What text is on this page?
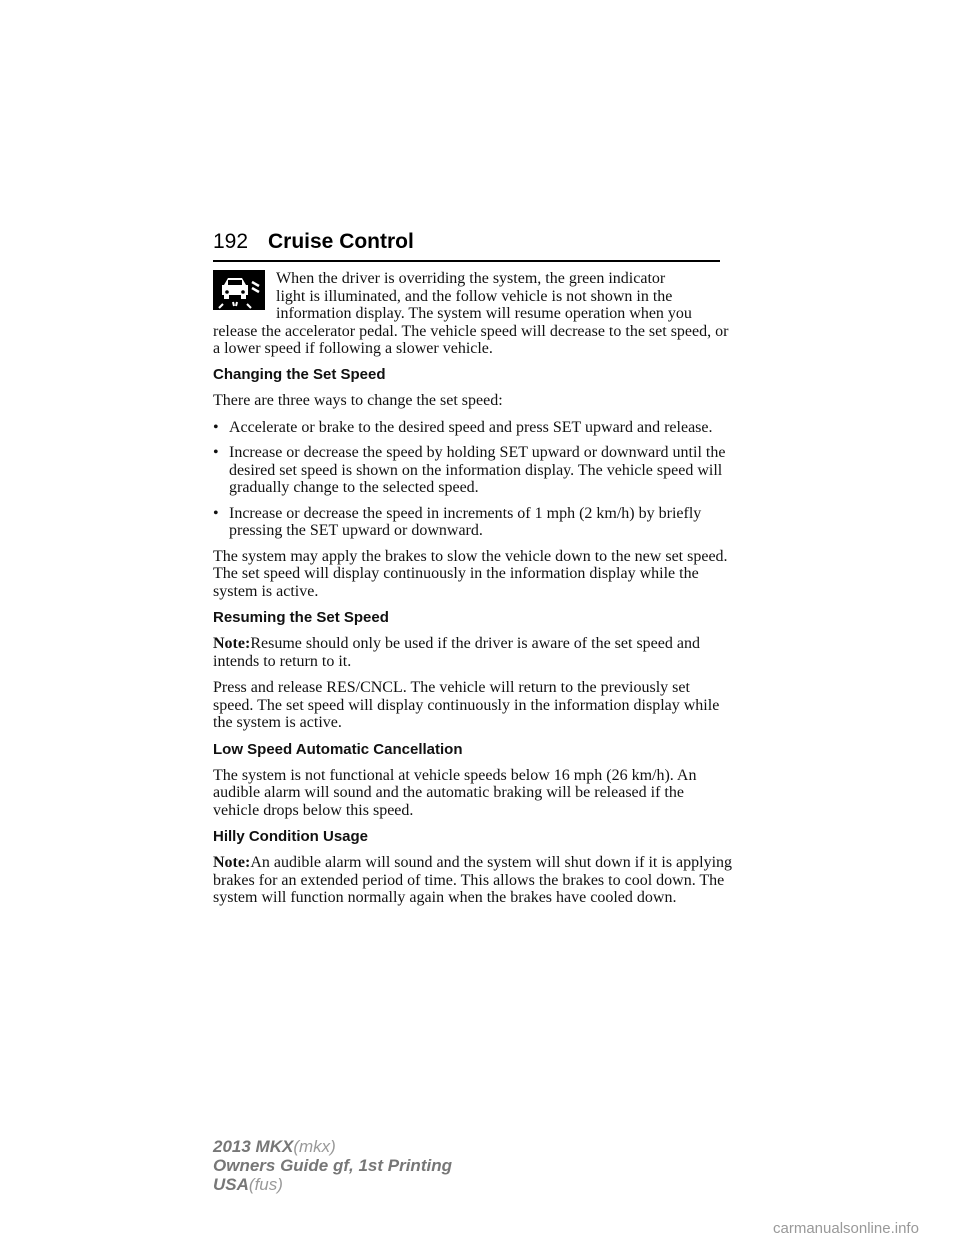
192 Cruise Control
When the driver is overriding the system, the green indicator
light is illuminated, and the follow vehicle is not shown in the
information display. The system will resume operation when you
release the accelerator pedal. The vehicle speed will decrease to the set speed, or a lower speed if following a slower vehicle.
Changing the Set Speed

There are three ways to change the set speed:

• Accelerate or brake to the desired speed and press SET upward and release.
• Increase or decrease the speed by holding SET upward or downward until the desired set speed is shown on the information display. The vehicle speed will gradually change to the selected speed.
• Increase or decrease the speed in increments of 1 mph (2 km/h) by briefly pressing the SET upward or downward.

The system may apply the brakes to slow the vehicle down to the new set speed. The set speed will display continuously in the information display while the system is active.

Resuming the Set Speed

Note:Resume should only be used if the driver is aware of the set speed and intends to return to it.

Press and release RES/CNCL. The vehicle will return to the previously set speed. The set speed will display continuously in the information display while the system is active.

Low Speed Automatic Cancellation

The system is not functional at vehicle speeds below 16 mph (26 km/h). An audible alarm will sound and the automatic braking will be released if the vehicle drops below this speed.

Hilly Condition Usage

Note:An audible alarm will sound and the system will shut down if it is applying brakes for an extended period of time. This allows the brakes to cool down. The system will function normally again when the brakes have cooled down.

2013 MKX(mkx)
Owners Guide gf, 1st Printing
USA(fus)
carmanualsonline.info
